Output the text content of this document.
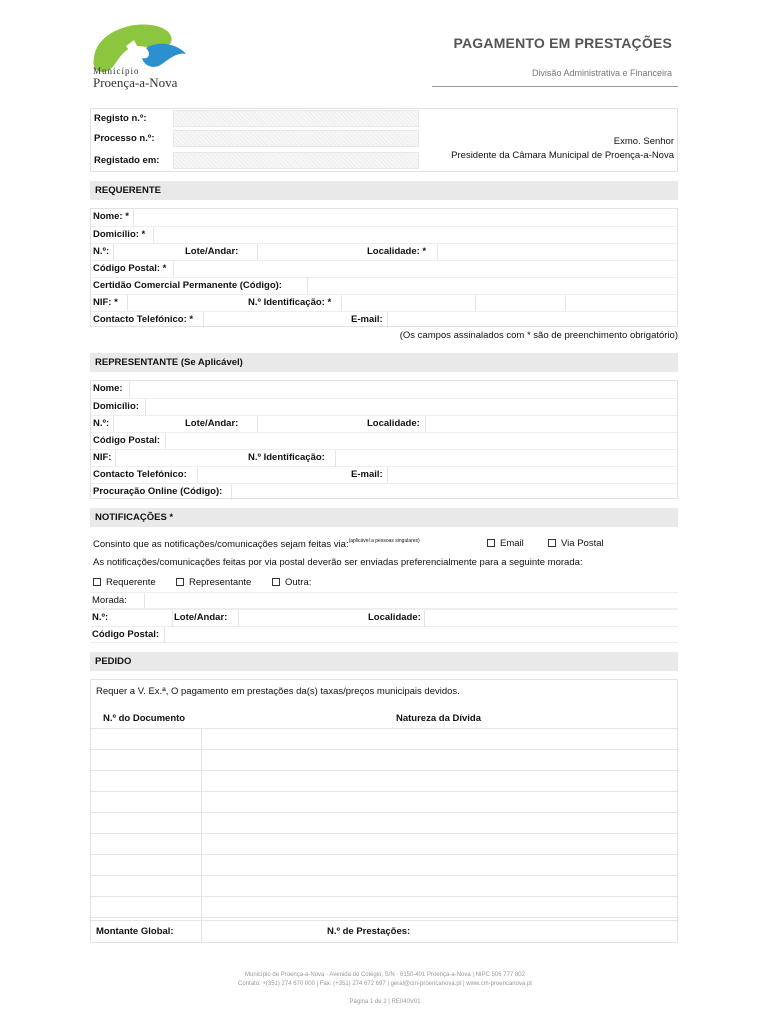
Município
Proença-a-Nova
PAGAMENTO EM PRESTAÇÕES
Divisão Administrativa e Financeira
Registo n.º:
Processo n.º:
Registado em:
Exmo. Senhor
Presidente da Câmara Municipal de Proença-a-Nova
REQUERENTE
Nome: *
Domicílio: *
N.º:	Lote/Andar:	Localidade: *
Código Postal: *
Certidão Comercial Permanente (Código):
NIF: *	N.º Identificação: *
Contacto Telefónico: *	E-mail:
(Os campos assinalados com * são de preenchimento obrigatório)
REPRESENTANTE (Se Aplicável)
Nome:
Domicílio:
N.º:	Lote/Andar:	Localidade:
Código Postal:
NIF:	N.º Identificação:
Contacto Telefónico:	E-mail:
Procuração Online (Código):
NOTIFICAÇÕES *
Consinto que as notificações/comunicações sejam feitas via:$^{(aplicável a pessoas singulares)}$	Email	Via Postal
As notificações/comunicações feitas por via postal deverão ser enviadas preferencialmente para a seguinte morada:
Requerente	Representante	Outra:
Morada:
N.º:	Lote/Andar:	Localidade:
Código Postal:
PEDIDO
Requer a V. Ex.ª, O pagamento em prestações da(s) taxas/preços municipais devidos.
N.º do Documento	Natureza da Dívida
Montante Global:	N.º de Prestações:
Município de Proença-a-Nova · Avenida do Colégio, S/N · 6150-401 Proença-a-Nova | NIPC 506 777 802
Contato: +(351) 274 670 000 | Fax: (+351) 274 672 697 | geral@cm-proencanova.pt | www.cm-proencanova.pt
Página 1 de 2 | RE040V01
